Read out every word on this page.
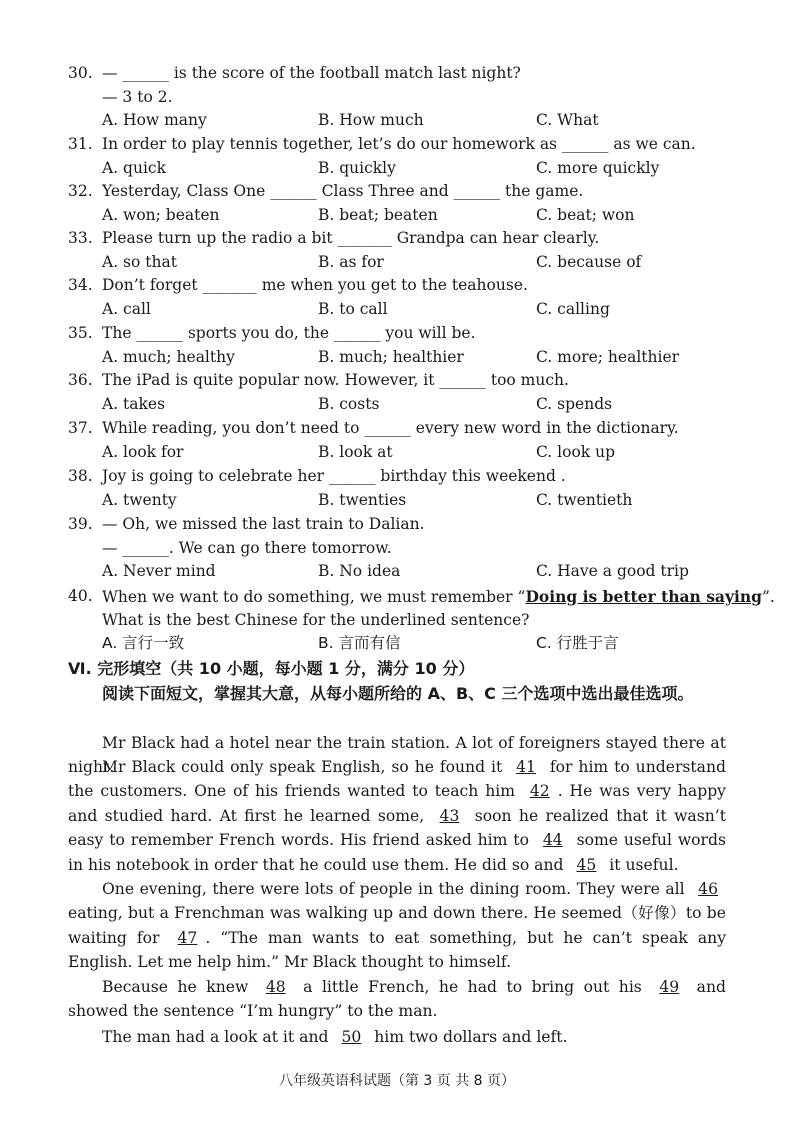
30. — ______ is the score of the football match last night?
— 3 to 2.
A. How many	B. How much	C. What
31. In order to play tennis together, let’s do our homework as ______ as we can.
A. quick	B. quickly	C. more quickly
32. Yesterday, Class One ______ Class Three and ______ the game.
A. won; beaten	B. beat; beaten	C. beat; won
33. Please turn up the radio a bit _______ Grandpa can hear clearly.
A. so that	B. as for	C. because of
34. Don’t forget _______ me when you get to the teahouse.
A. call	B. to call	C. calling
35. The ______ sports you do, the ______ you will be.
A. much; healthy	B. much; healthier	C. more; healthier
36. The iPad is quite popular now. However, it ______ too much.
A. takes	B. costs	C. spends
37. While reading, you don’t need to ______ every new word in the dictionary.
A. look for	B. look at	C. look up
38. Joy is going to celebrate her ______ birthday this weekend .
A. twenty	B. twenties	C. twentieth
39. — Oh, we missed the last train to Dalian.
— ______. We can go there tomorrow.
A. Never mind	B. No idea	C. Have a good trip
40. When we want to do something, we must remember “Doing is better than saying”.
What is the best Chinese for the underlined sentence?
A. 言行一致	B. 言而有信	C. 行胜于言
Ⅵ. 完形填空（共 10 小题，每小题 1 分，满分 10 分）
阅读下面短文，掌握其大意，从每小题所给的 A、B、C 三个选项中选出最佳选项。
Mr Black had a hotel near the train station. A lot of foreigners stayed there at night.
Mr Black could only speak English, so he found it 41 for him to understand the customers. One of his friends wanted to teach him 42 . He was very happy and studied hard. At first he learned some, 43 soon he realized that it wasn’t easy to remember French words. His friend asked him to 44 some useful words in his notebook in order that he could use them. He did so and 45 it useful.
One evening, there were lots of people in the dining room. They were all 46 eating, but a Frenchman was walking up and down there. He seemed（好像）to be waiting for 47 . “The man wants to eat something, but he can’t speak any English. Let me help him.” Mr Black thought to himself.
Because he knew 48 a little French, he had to bring out his 49 and showed the sentence “I’m hungry” to the man.
The man had a look at it and 50 him two dollars and left.
八年级英语科试题（第 3 页 共 8 页）
